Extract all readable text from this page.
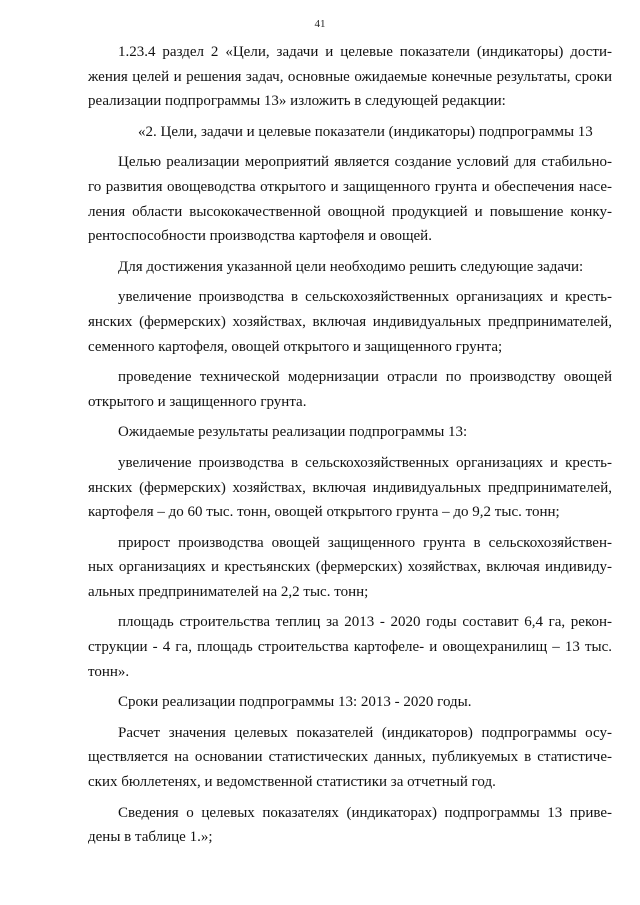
41

1.23.4 раздел 2 «Цели, задачи и целевые показатели (индикаторы) дости-
жения целей и решения задач, основные ожидаемые конечные результаты, сроки
реализации подпрограммы 13» изложить в следующей редакции:

«2. Цели, задачи и целевые показатели (индикаторы) подпрограммы 13

Целью реализации мероприятий является создание условий для стабильно-
го развития овощеводства открытого и защищенного грунта и обеспечения насе-
ления области высококачественной овощной продукцией и повышение конку-
рентоспособности производства картофеля и овощей.

Для достижения указанной цели необходимо решить следующие задачи:

увеличение производства в сельскохозяйственных организациях и кресть-
янских (фермерских) хозяйствах, включая индивидуальных предпринимателей,
семенного картофеля, овощей открытого и защищенного грунта;

проведение технической модернизации отрасли по производству овощей
открытого и защищенного грунта.

Ожидаемые результаты реализации подпрограммы 13:

увеличение производства в сельскохозяйственных организациях и кресть-
янских (фермерских) хозяйствах, включая индивидуальных предпринимателей,
картофеля – до 60 тыс. тонн, овощей открытого грунта – до 9,2 тыс. тонн;

прирост производства овощей защищенного грунта в сельскохозяйствен-
ных организациях и крестьянских (фермерских) хозяйствах, включая индивиду-
альных предпринимателей на 2,2 тыс. тонн;

площадь строительства теплиц за 2013 - 2020 годы составит 6,4 га, рекон-
струкции - 4 га, площадь строительства картофеле- и овощехранилищ – 13 тыс.
тонн».

Сроки реализации подпрограммы 13: 2013 - 2020 годы.

Расчет значения целевых показателей (индикаторов) подпрограммы осу-
ществляется на основании статистических данных, публикуемых в статистиче-
ских бюллетенях, и ведомственной статистики за отчетный год.

Сведения о целевых показателях (индикаторах) подпрограммы 13 приве-
дены в таблице 1.»;
